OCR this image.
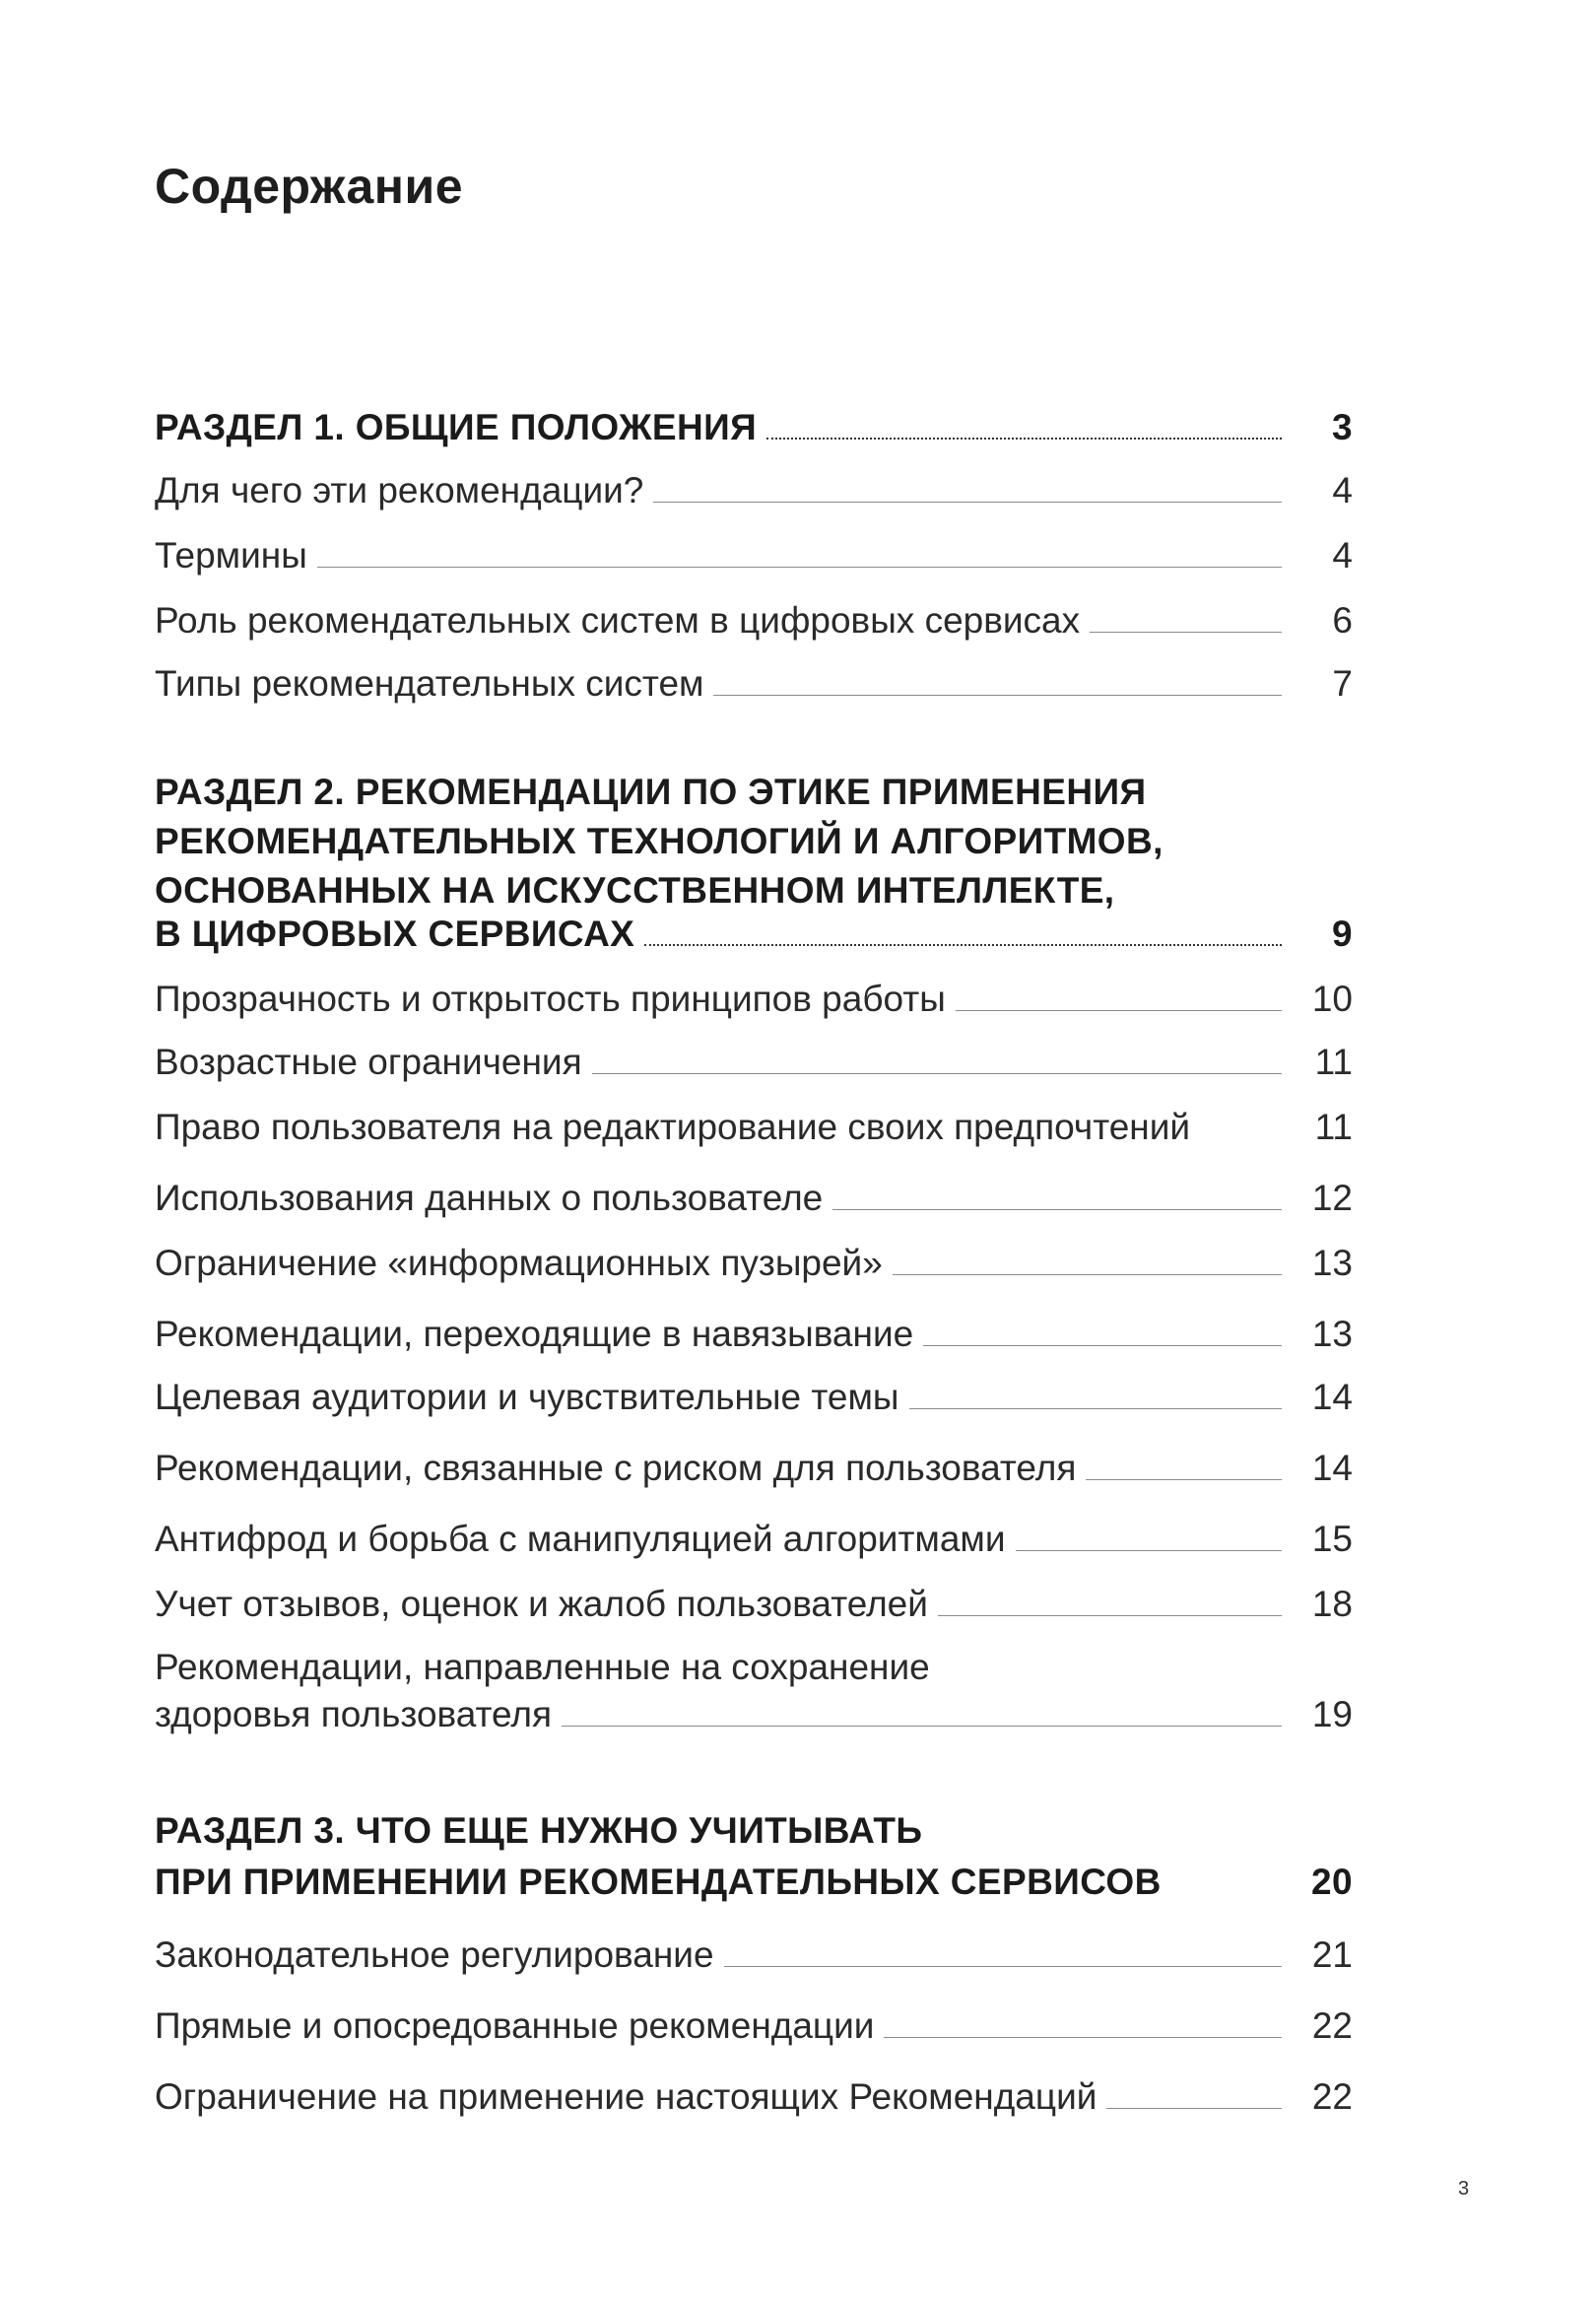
Содержание
РАЗДЕЛ 1. ОБЩИЕ ПОЛОЖЕНИЯ	3
Для чего эти рекомендации?	4
Термины	4
Роль рекомендательных систем в цифровых сервисах	6
Типы рекомендательных систем	7
РАЗДЕЛ 2. РЕКОМЕНДАЦИИ ПО ЭТИКЕ ПРИМЕНЕНИЯ
РЕКОМЕНДАТЕЛЬНЫХ ТЕХНОЛОГИЙ И АЛГОРИТМОВ,
ОСНОВАННЫХ НА ИСКУССТВЕННОМ ИНТЕЛЛЕКТЕ,
В ЦИФРОВЫХ СЕРВИСАХ	9
Прозрачность и открытость принципов работы	10
Возрастные ограничения	11
Право пользователя на редактирование своих предпочтений	11
Использования данных о пользователе	12
Ограничение «информационных пузырей»	13
Рекомендации, переходящие в навязывание	13
Целевая аудитории и чувствительные темы	14
Рекомендации, связанные с риском для пользователя	14
Антифрод и борьба с манипуляцией алгоритмами	15
Учет отзывов, оценок и жалоб пользователей	18
Рекомендации, направленные на сохранение
здоровья пользователя	19
РАЗДЕЛ 3. ЧТО ЕЩЕ НУЖНО УЧИТЫВАТЬ
ПРИ ПРИМЕНЕНИИ РЕКОМЕНДАТЕЛЬНЫХ СЕРВИСОВ	20
Законодательное регулирование	21
Прямые и опосредованные рекомендации	22
Ограничение на применение настоящих Рекомендаций	22
3
